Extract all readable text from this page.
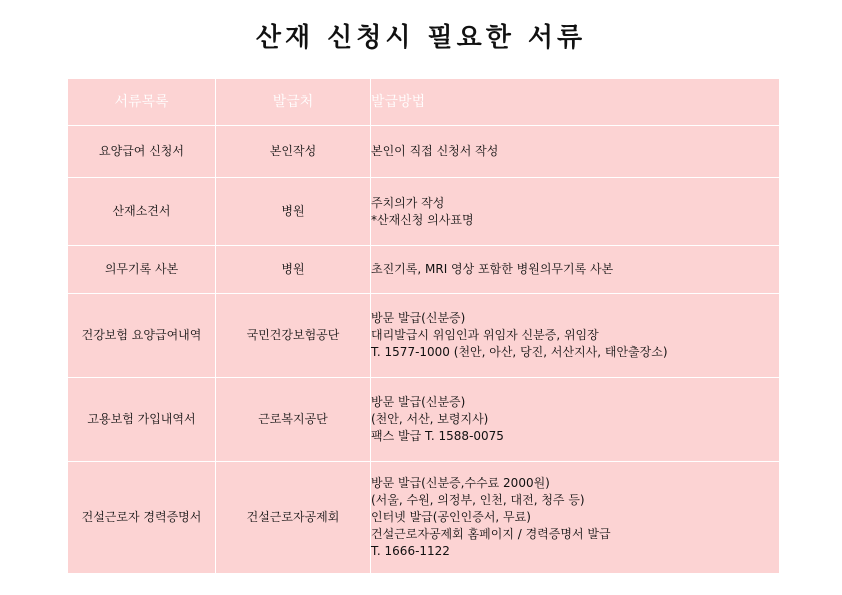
산재 신청시 필요한 서류
서류목록	발급처	발급방법
요양급여 신청서	본인작성	본인이 직접 신청서 작성

산재소견서	병원	주치의가 작성
*산재신청 의사표명

의무기록 사본	병원	초진기록, MRI 영상 포함한 병원의무기록 사본

건강보험 요양급여내역	국민건강보험공단	방문 발급(신분증)
대리발급시 위임인과 위임자 신분증, 위임장
T. 1577-1000 (천안, 아산, 당진, 서산지사, 태안출장소)

고용보험 가입내역서	근로복지공단	방문 발급(신분증)
(천안, 서산, 보령지사)
팩스 발급 T. 1588-0075

건설근로자 경력증명서	건설근로자공제회	방문 발급(신분증,수수료 2000원)
(서울, 수원, 의정부, 인천, 대전, 청주 등)
인터넷 발급(공인인증서, 무료)
건설근로자공제회 홈페이지 / 경력증명서 발급
T. 1666-1122
